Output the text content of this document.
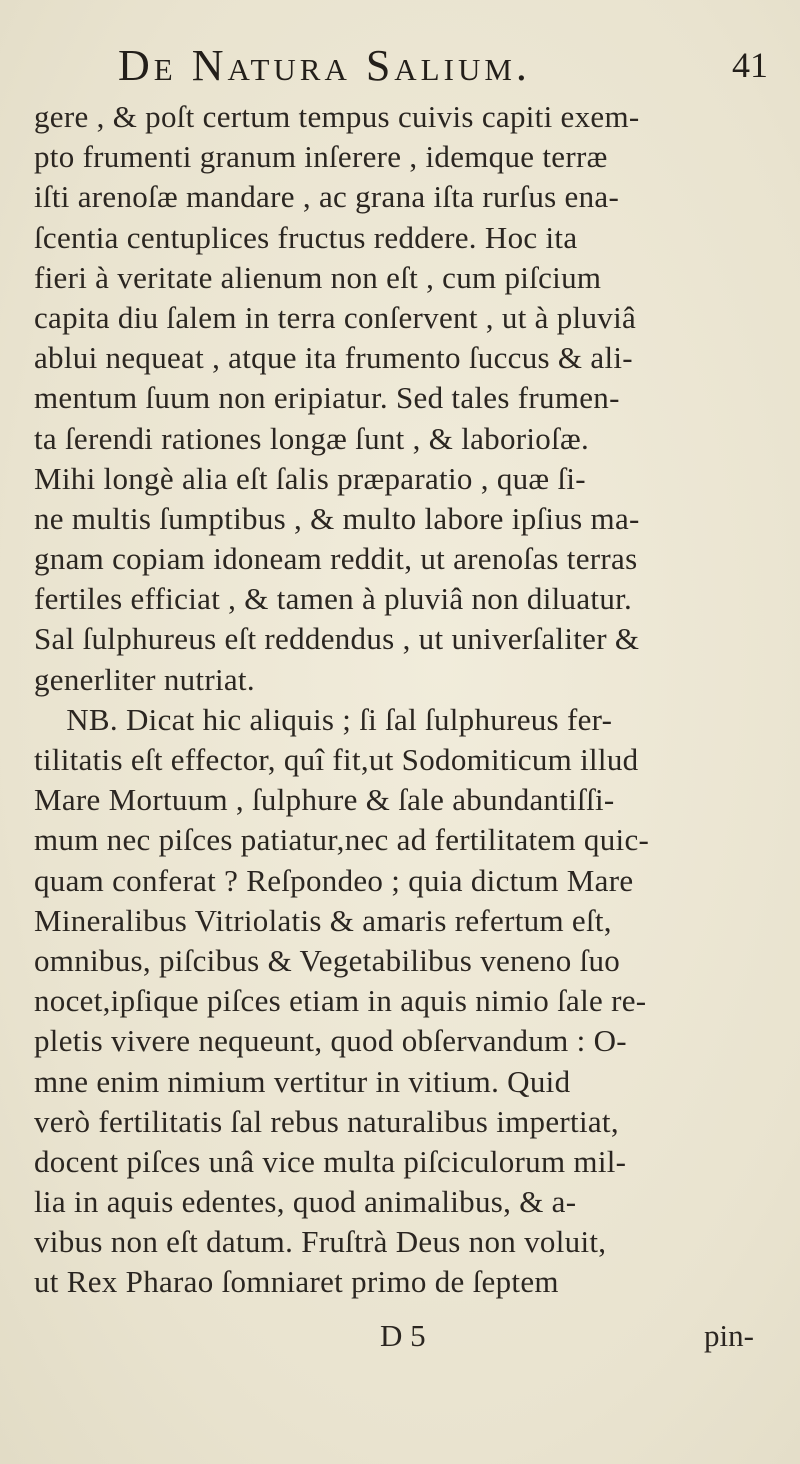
De Natura Salium.	41
gere , & poſt certum tempus cuivis capiti exem-
pto frumenti granum inſerere , idemque terræ
iſti arenoſæ mandare , ac grana iſta rurſus ena-
ſcentia centuplices fructus reddere. Hoc ita
fieri à veritate alienum non eſt , cum piſcium
capita diu ſalem in terra conſervent , ut à pluviâ
ablui nequeat , atque ita frumento ſuccus & ali-
mentum ſuum non eripiatur. Sed tales frumen-
ta ſerendi rationes longæ ſunt , & laborioſæ.
Mihi longè alia eſt ſalis præparatio , quæ ſi-
ne multis ſumptibus , & multo labore ipſius ma-
gnam copiam idoneam reddit, ut arenoſas terras
fertiles efficiat , & tamen à pluviâ non diluatur.
Sal ſulphureus eſt reddendus , ut univerſaliter &
generliter nutriat.
NB. Dicat hic aliquis ; ſi ſal ſulphureus fer-
tilitatis eſt effector, quî fit,ut Sodomiticum illud
Mare Mortuum , ſulphure & ſale abundantiſſi-
mum nec piſces patiatur,nec ad fertilitatem quic-
quam conferat ? Reſpondeo ; quia dictum Mare
Mineralibus Vitriolatis & amaris refertum eſt,
omnibus, piſcibus & Vegetabilibus veneno ſuo
nocet,ipſique piſces etiam in aquis nimio ſale re-
pletis vivere nequeunt, quod obſervandum : O-
mne enim nimium vertitur in vitium. Quid
verò fertilitatis ſal rebus naturalibus impertiat,
docent piſces unâ vice multa piſciculorum mil-
lia in aquis edentes, quod animalibus, & a-
vibus non eſt datum. Fruſtrà Deus non voluit,
ut Rex Pharao ſomniaret primo de ſeptem
D 5	pin-
